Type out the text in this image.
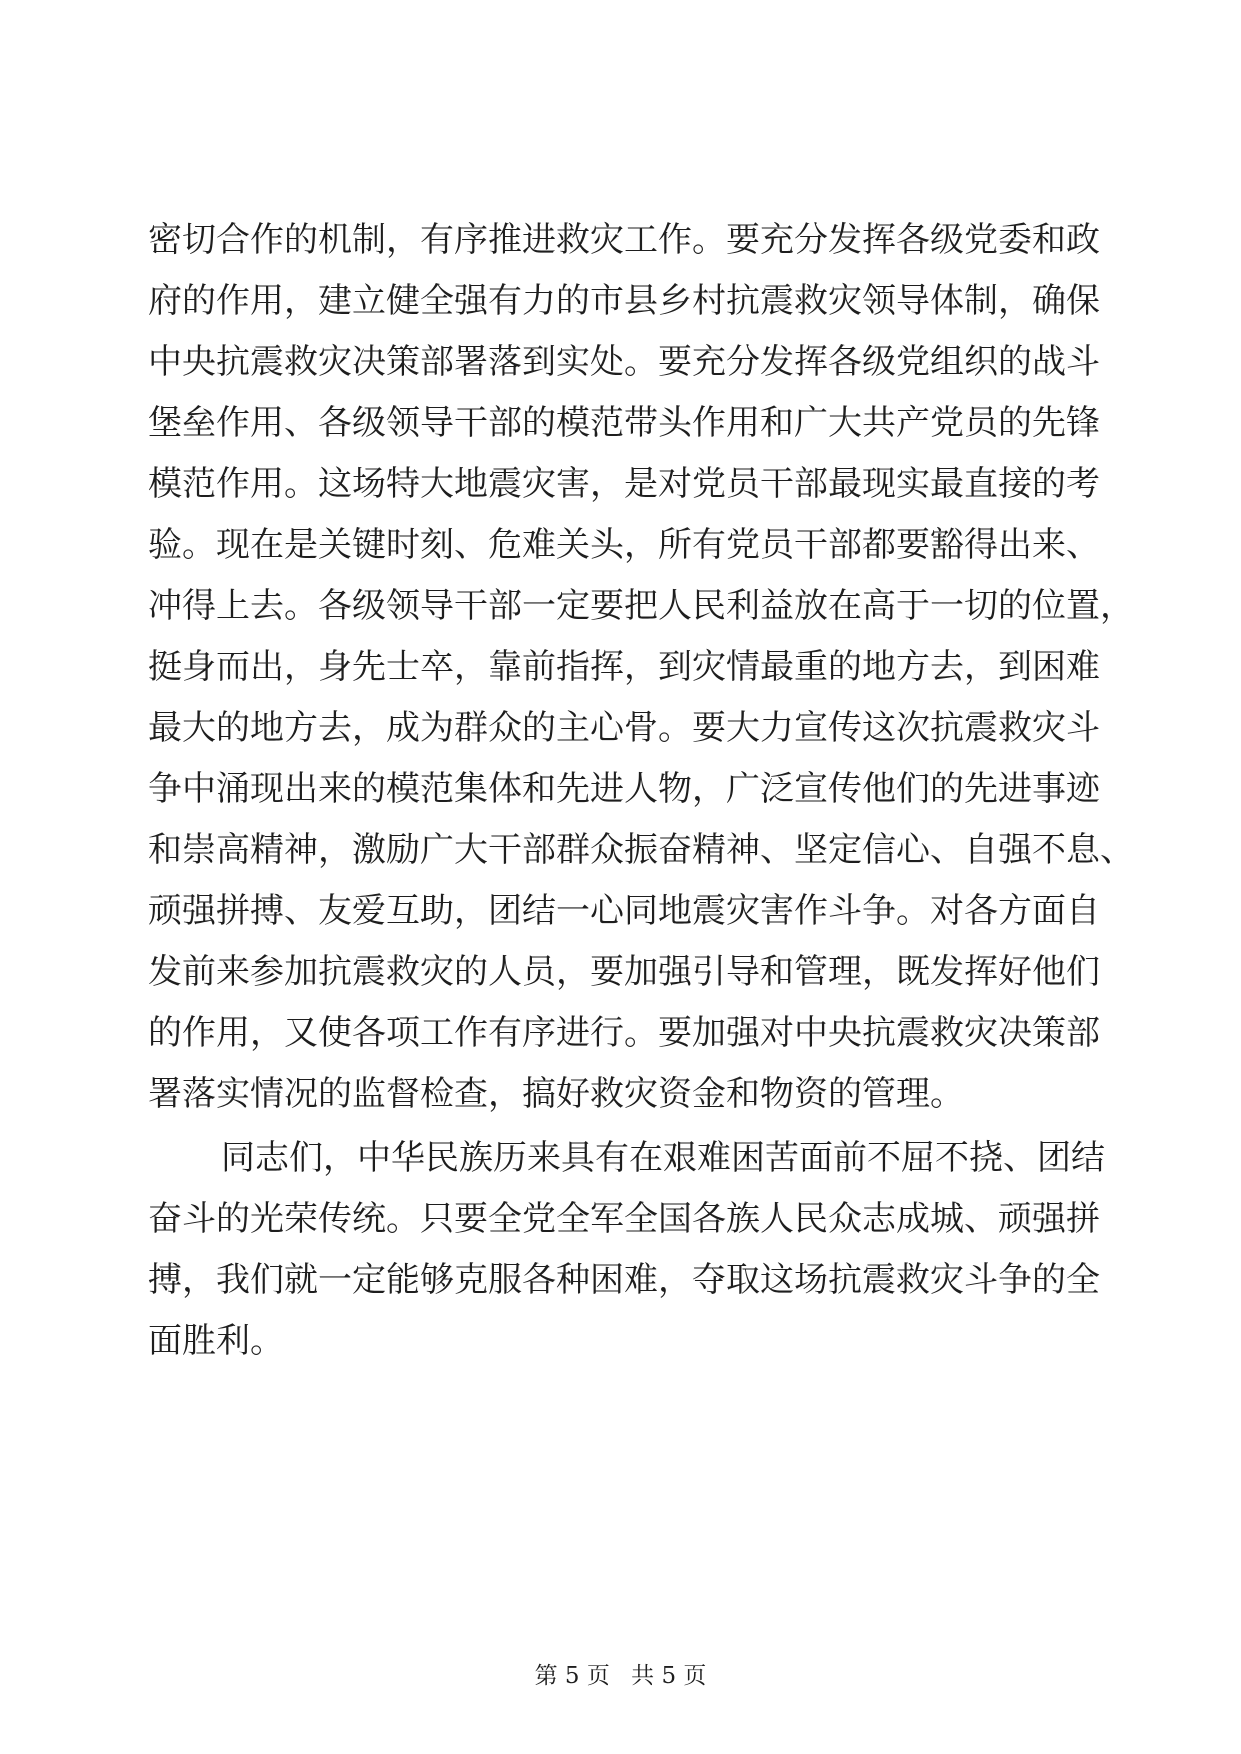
密切合作的机制，有序推进救灾工作。要充分发挥各级党委和政
府的作用，建立健全强有力的市县乡村抗震救灾领导体制，确保
中央抗震救灾决策部署落到实处。要充分发挥各级党组织的战斗
堡垒作用、各级领导干部的模范带头作用和广大共产党员的先锋
模范作用。这场特大地震灾害，是对党员干部最现实最直接的考
验。现在是关键时刻、危难关头，所有党员干部都要豁得出来、
冲得上去。各级领导干部一定要把人民利益放在高于一切的位置，
挺身而出，身先士卒，靠前指挥，到灾情最重的地方去，到困难
最大的地方去，成为群众的主心骨。要大力宣传这次抗震救灾斗
争中涌现出来的模范集体和先进人物，广泛宣传他们的先进事迹
和崇高精神，激励广大干部群众振奋精神、坚定信心、自强不息、
顽强拼搏、友爱互助，团结一心同地震灾害作斗争。对各方面自
发前来参加抗震救灾的人员，要加强引导和管理，既发挥好他们
的作用，又使各项工作有序进行。要加强对中央抗震救灾决策部
署落实情况的监督检查，搞好救灾资金和物资的管理。
同志们，中华民族历来具有在艰难困苦面前不屈不挠、团结
奋斗的光荣传统。只要全党全军全国各族人民众志成城、顽强拼
搏，我们就一定能够克服各种困难，夺取这场抗震救灾斗争的全
面胜利。
第 5 页 共 5 页
